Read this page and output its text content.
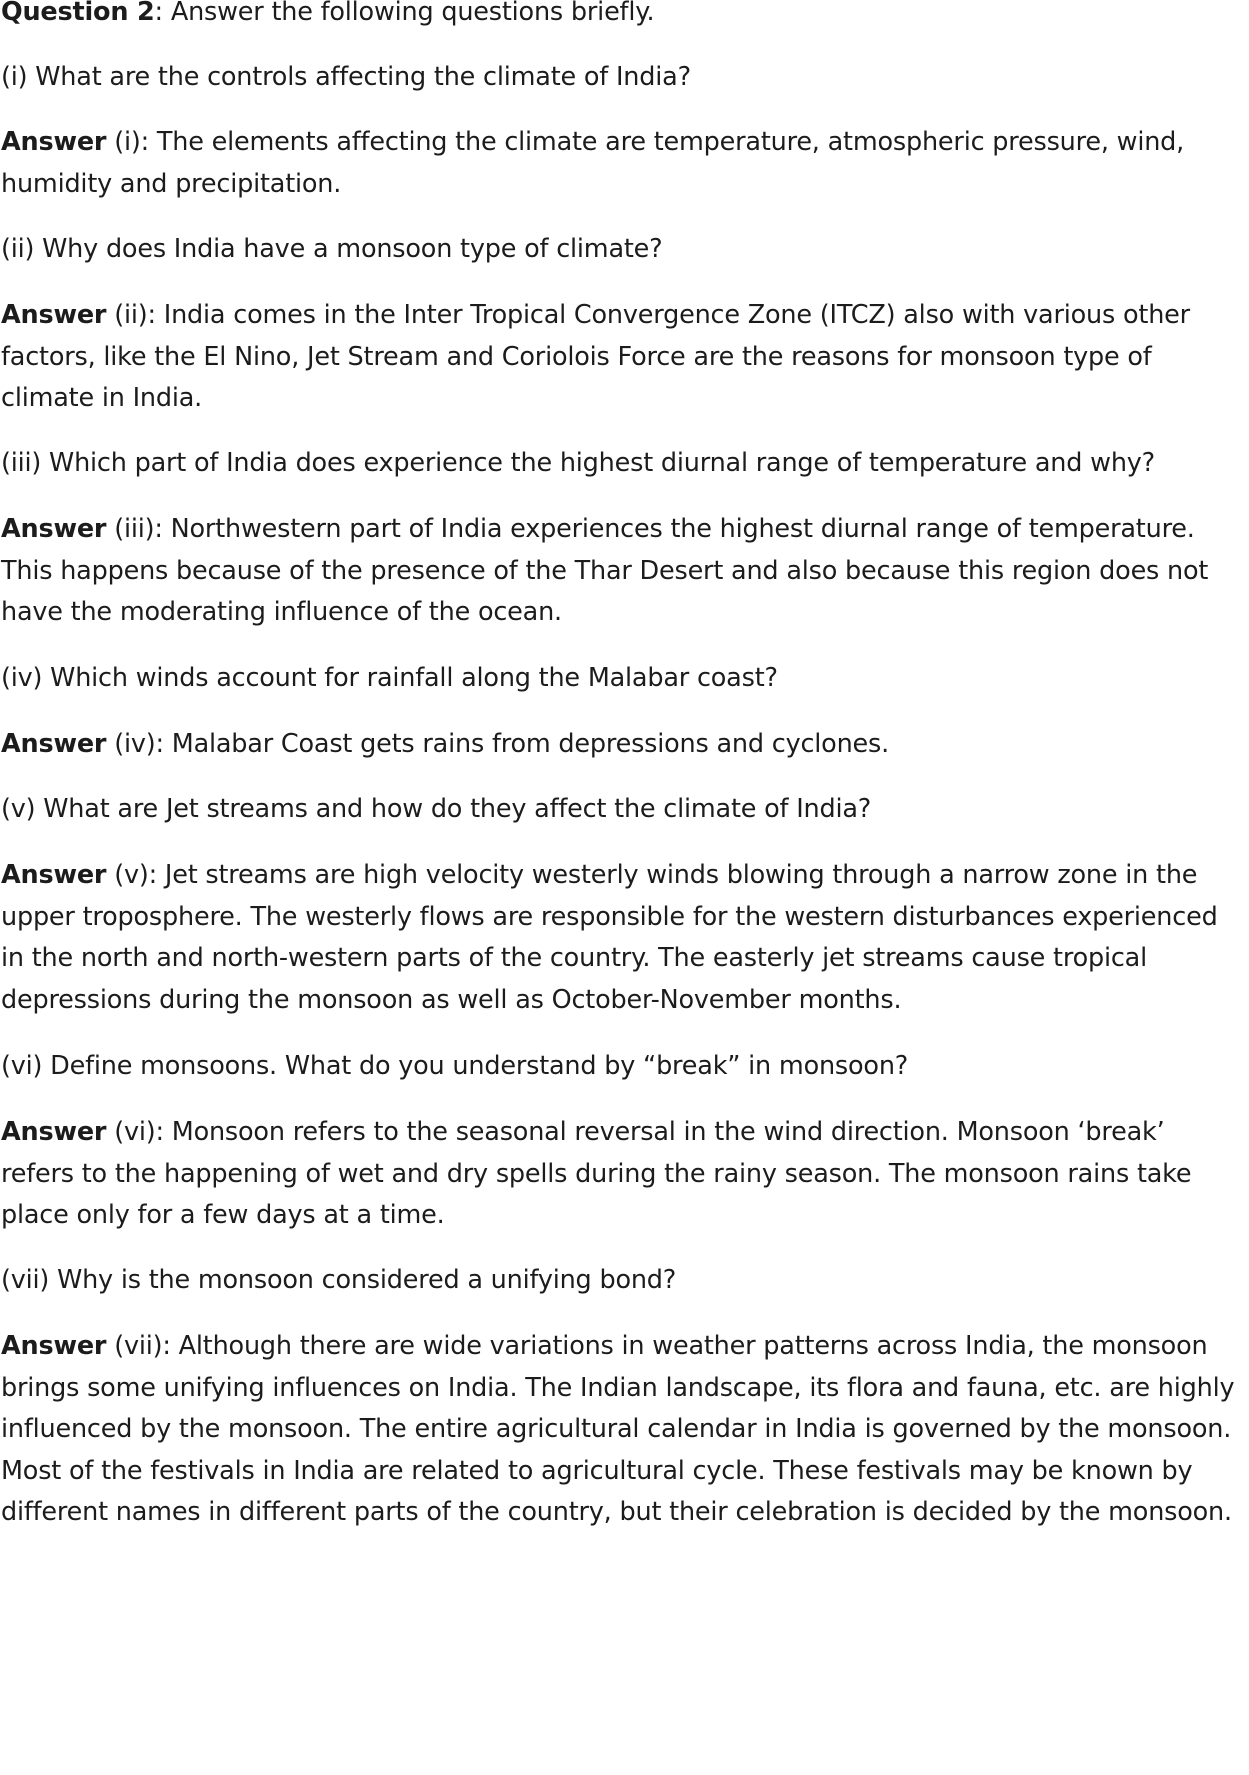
Question 2: Answer the following questions briefly.

(i) What are the controls affecting the climate of India?

Answer (i): The elements affecting the climate are temperature, atmospheric pressure, wind, humidity and precipitation.

(ii) Why does India have a monsoon type of climate?

Answer (ii): India comes in the Inter Tropical Convergence Zone (ITCZ) also with various other factors, like the El Nino, Jet Stream and Coriolois Force are the reasons for monsoon type of climate in India.

(iii) Which part of India does experience the highest diurnal range of temperature and why?

Answer (iii): Northwestern part of India experiences the highest diurnal range of temperature. This happens because of the presence of the Thar Desert and also because this region does not have the moderating influence of the ocean.

(iv) Which winds account for rainfall along the Malabar coast?

Answer (iv): Malabar Coast gets rains from depressions and cyclones.

(v) What are Jet streams and how do they affect the climate of India?

Answer (v): Jet streams are high velocity westerly winds blowing through a narrow zone in the upper troposphere. The westerly flows are responsible for the western disturbances experienced in the north and north-western parts of the country. The easterly jet streams cause tropical depressions during the monsoon as well as October-November months.

(vi) Define monsoons. What do you understand by “break” in monsoon?

Answer (vi): Monsoon refers to the seasonal reversal in the wind direction. Monsoon ‘break’ refers to the happening of wet and dry spells during the rainy season. The monsoon rains take place only for a few days at a time.

(vii) Why is the monsoon considered a unifying bond?

Answer (vii): Although there are wide variations in weather patterns across India, the monsoon brings some unifying influences on India. The Indian landscape, its flora and fauna, etc. are highly influenced by the monsoon. The entire agricultural calendar in India is governed by the monsoon. Most of the festivals in India are related to agricultural cycle. These festivals may be known by different names in different parts of the country, but their celebration is decided by the monsoon.
